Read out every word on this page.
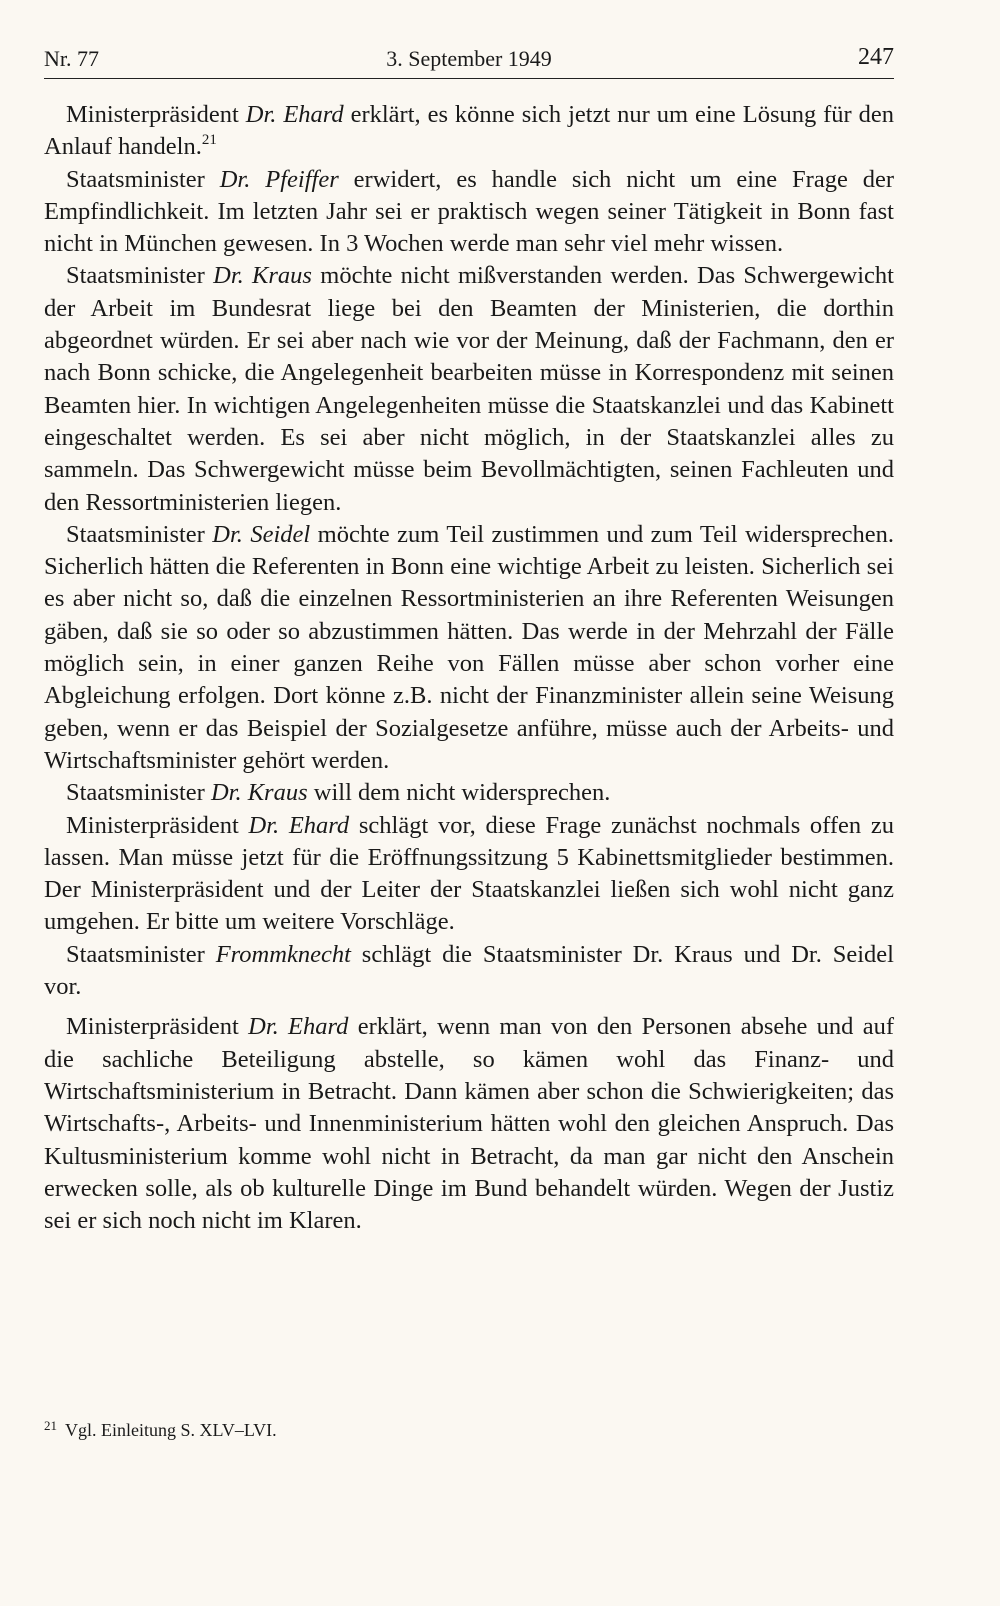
Nr. 77	3. September 1949	247

Ministerpräsident Dr. Ehard erklärt, es könne sich jetzt nur um eine Lösung für den Anlauf handeln.$^{21}$

Staatsminister Dr. Pfeiffer erwidert, es handle sich nicht um eine Frage der Empfindlichkeit. Im letzten Jahr sei er praktisch wegen seiner Tätigkeit in Bonn fast nicht in München gewesen. In 3 Wochen werde man sehr viel mehr wissen.

Staatsminister Dr. Kraus möchte nicht mißverstanden werden. Das Schwergewicht der Arbeit im Bundesrat liege bei den Beamten der Ministerien, die dorthin abgeordnet würden. Er sei aber nach wie vor der Meinung, daß der Fachmann, den er nach Bonn schicke, die Angelegenheit bearbeiten müsse in Korrespondenz mit seinen Beamten hier. In wichtigen Angelegenheiten müsse die Staatskanzlei und das Kabinett eingeschaltet werden. Es sei aber nicht möglich, in der Staatskanzlei alles zu sammeln. Das Schwergewicht müsse beim Bevollmächtigten, seinen Fachleuten und den Ressortministerien liegen.

Staatsminister Dr. Seidel möchte zum Teil zustimmen und zum Teil widersprechen. Sicherlich hätten die Referenten in Bonn eine wichtige Arbeit zu leisten. Sicherlich sei es aber nicht so, daß die einzelnen Ressortministerien an ihre Referenten Weisungen gäben, daß sie so oder so abzustimmen hätten. Das werde in der Mehrzahl der Fälle möglich sein, in einer ganzen Reihe von Fällen müsse aber schon vorher eine Abgleichung erfolgen. Dort könne z.B. nicht der Finanzminister allein seine Weisung geben, wenn er das Beispiel der Sozialgesetze anführe, müsse auch der Arbeits- und Wirtschaftsminister gehört werden.

Staatsminister Dr. Kraus will dem nicht widersprechen.

Ministerpräsident Dr. Ehard schlägt vor, diese Frage zunächst nochmals offen zu lassen. Man müsse jetzt für die Eröffnungssitzung 5 Kabinettsmitglieder bestimmen. Der Ministerpräsident und der Leiter der Staatskanzlei ließen sich wohl nicht ganz umgehen. Er bitte um weitere Vorschläge.

Staatsminister Frommknecht schlägt die Staatsminister Dr. Kraus und Dr. Seidel vor.

Ministerpräsident Dr. Ehard erklärt, wenn man von den Personen absehe und auf die sachliche Beteiligung abstelle, so kämen wohl das Finanz- und Wirtschaftsministerium in Betracht. Dann kämen aber schon die Schwierigkeiten; das Wirtschafts-, Arbeits- und Innenministerium hätten wohl den gleichen Anspruch. Das Kultusministerium komme wohl nicht in Betracht, da man gar nicht den Anschein erwecken solle, als ob kulturelle Dinge im Bund behandelt würden. Wegen der Justiz sei er sich noch nicht im Klaren.

$^{21}$ Vgl. Einleitung S. XLV–LVI.
